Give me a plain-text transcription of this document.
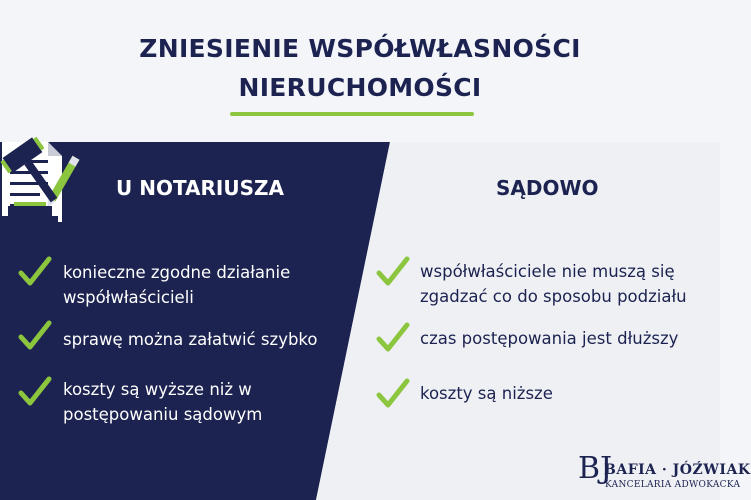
ZNIESIENIE WSPÓŁWŁASNOŚCI
NIERUCHOMOŚCI
U NOTARIUSZA	SĄDOWO
konieczne zgodne działanie
współwłaścicieli
sprawę można załatwić szybko
koszty są wyższe niż w
postępowaniu sądowym
współwłaściciele nie muszą się
zgadzać co do sposobu podziału
czas postępowania jest dłuższy
koszty są niższe
BJ
BAFIA · JÓŹWIAK
KANCELARIA ADWOKACKA
